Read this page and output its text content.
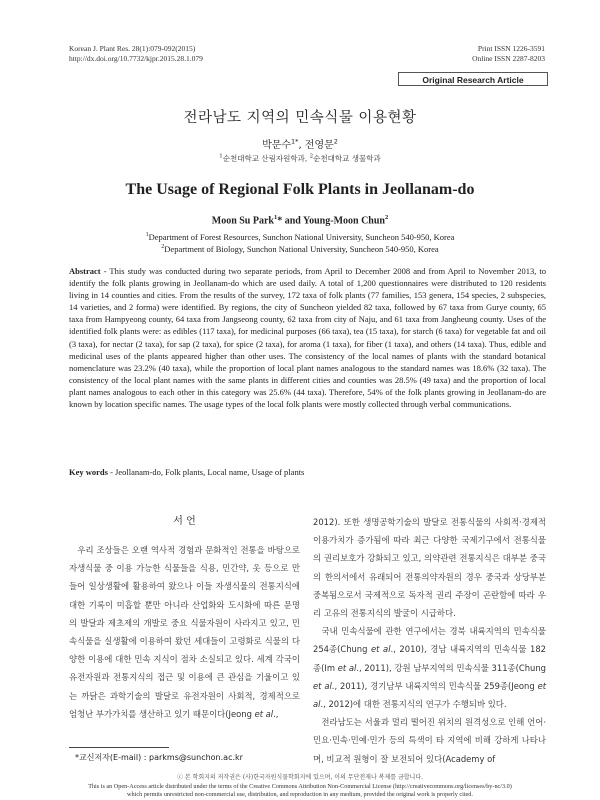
Korean J. Plant Res. 28(1):079-092(2015)
http://dx.doi.org/10.7732/kjpr.2015.28.1.079
Print ISSN 1226-3591
Online ISSN 2287-8203
Original Research Article
전라남도 지역의 민속식물 이용현황
박문수$^{1*}$, 전영문$^2$
$^1$순천대학교 산림자원학과, $^2$순천대학교 생물학과
The Usage of Regional Folk Plants in Jeollanam-do
Moon Su Park$^1$* and Young-Moon Chun$^2$
$^1$Department of Forest Resources, Sunchon National University, Suncheon 540-950, Korea
$^2$Department of Biology, Sunchon National University, Suncheon 540-950, Korea
Abstract - This study was conducted during two separate periods, from April to December 2008 and from April to November 2013, to identify the folk plants growing in Jeollanam-do which are used daily. A total of 1,200 questionnaires were distributed to 120 residents living in 14 counties and cities. From the results of the survey, 172 taxa of folk plants (77 families, 153 genera, 154 species, 2 subspecies, 14 varieties, and 2 forma) were identified. By regions, the city of Suncheon yielded 82 taxa, followed by 67 taxa from Gurye county, 65 taxa from Hampyeong county, 64 taxa from Jangseong county, 62 taxa from city of Naju, and 61 taxa from Jangheung county. Uses of the identified folk plants were: as edibles (117 taxa), for medicinal purposes (66 taxa), tea (15 taxa), for starch (6 taxa) for vegetable fat and oil (3 taxa), for nectar (2 taxa), for sap (2 taxa), for spice (2 taxa), for aroma (1 taxa), for fiber (1 taxa), and others (14 taxa). Thus, edible and medicinal uses of the plants appeared higher than other uses. The consistency of the local names of plants with the standard botanical nomenclature was 23.2% (40 taxa), while the proportion of local plant names analogous to the standard names was 18.6% (32 taxa). The consistency of the local plant names with the same plants in different cities and counties was 28.5% (49 taxa) and the proportion of local plant names analogous to each other in this category was 25.6% (44 taxa). Therefore, 54% of the folk plants growing in Jeollanam-do are known by location specific names. The usage types of the local folk plants were mostly collected through verbal communications.
Key words - Jeollanam-do, Folk plants, Local name, Usage of plants
서 언
우리 조상들은 오랜 역사적 경험과 문화적인 전통을 바탕으로 자생식물 중 이용 가능한 식물들을 식용, 민간약, 옷 등으로 만들어 일상생활에 활용하여 왔으나 이들 자생식물의 전통지식에 대한 기록이 미흡할 뿐만 아니라 산업화와 도시화에 따른 문명의 발달과 제초제의 개발로 중요 식물자원이 사라지고 있고, 민속식물을 실생활에 이용하여 왔던 세대들이 고령화로 식물의 다양한 이용에 대한 민속 지식이 점차 소실되고 있다. 세계 각국이 유전자원과 전통지식의 접근 및 이용에 큰 관심을 기울이고 있는 까닭은 과학기술의 발달로 유전자원이 사회적, 경제적으로 엄청난 부가가치를 생산하고 있기 때문이다(Jeong et al.,

2012). 또한 생명공학기술의 발달로 전통식물의 사회적·경제적 이용가치가 증가됨에 따라 최근 다양한 국제기구에서 전통식물의 권리보호가 강화되고 있고, 의약관련 전통지식은 대부분 중국의 한의서에서 유래되어 전통의약자원의 경우 중국과 상당부분 중복됨으로서 국제적으로 독자적 권리 주장이 곤란함에 따라 우리 고유의 전통지식의 발굴이 시급하다.

국내 민속식물에 관한 연구에서는 경북 내륙지역의 민속식물 254종(Chung et al., 2010), 경남 내륙지역의 민속식물 182종(Im et al., 2011), 강원 남부지역의 민속식물 311종(Chung et al., 2011), 경기남부 내륙지역의 민속식물 259종(Jeong et al., 2012)에 대한 전통지식의 연구가 수행되바 있다.

전라남도는 서울과 멀리 떨어진 위치의 원격성으로 인해 언어·민요·민속·민예·민가 등의 특색이 타 지역에 비해 강하게 나타나며, 비교적 원형이 잘 보전되어 있다(Academy of

*교신저자(E-mail) : parkms@sunchon.ac.kr
ⓒ 본 학회지의 저작권은 (사)한국자원식물학회지에 있으며, 이의 무단전재나 복제를 금합니다.
This is an Open-Access article distributed under the terms of the Creative Commons Attribution Non-Commercial License (http://creativecommons.org/licenses/by-nc/3.0)
which permits unrestricted non-commercial use, distribution, and reproduction in any medium, provided the original work is properly cited.
